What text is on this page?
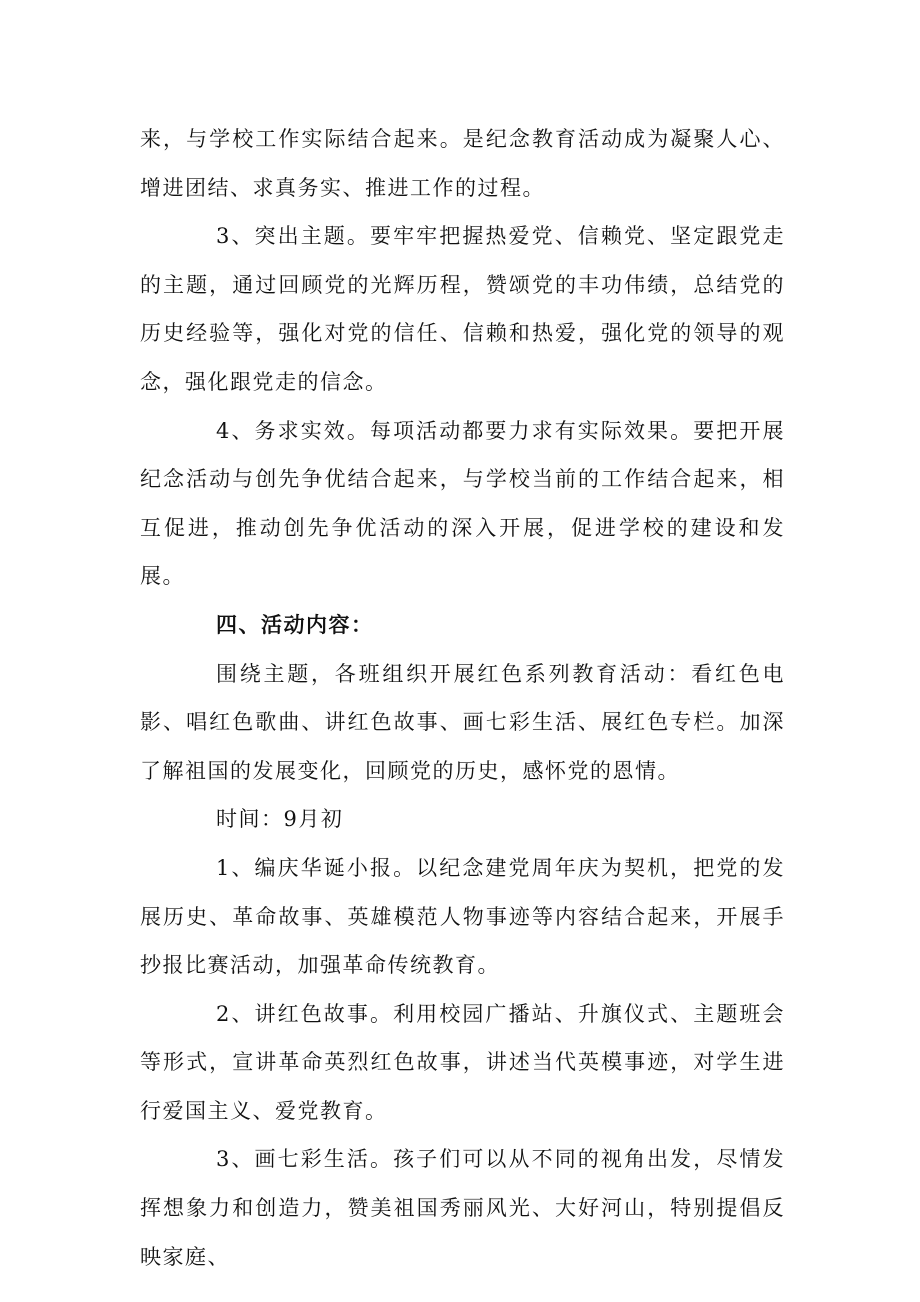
来，与学校工作实际结合起来。是纪念教育活动成为凝聚人心、增进团结、求真务实、推进工作的过程。

3、突出主题。要牢牢把握热爱党、信赖党、坚定跟党走的主题，通过回顾党的光辉历程，赞颂党的丰功伟绩，总结党的历史经验等，强化对党的信任、信赖和热爱，强化党的领导的观念，强化跟党走的信念。

4、务求实效。每项活动都要力求有实际效果。要把开展纪念活动与创先争优结合起来，与学校当前的工作结合起来，相互促进，推动创先争优活动的深入开展，促进学校的建设和发展。

四、活动内容：

围绕主题，各班组织开展红色系列教育活动：看红色电影、唱红色歌曲、讲红色故事、画七彩生活、展红色专栏。加深了解祖国的发展变化，回顾党的历史，感怀党的恩情。

时间：9月初

1、编庆华诞小报。以纪念建党周年庆为契机，把党的发展历史、革命故事、英雄模范人物事迹等内容结合起来，开展手抄报比赛活动，加强革命传统教育。

2、讲红色故事。利用校园广播站、升旗仪式、主题班会等形式，宣讲革命英烈红色故事，讲述当代英模事迹，对学生进行爱国主义、爱党教育。

3、画七彩生活。孩子们可以从不同的视角出发，尽情发挥想象力和创造力，赞美祖国秀丽风光、大好河山，特别提倡反映家庭、
